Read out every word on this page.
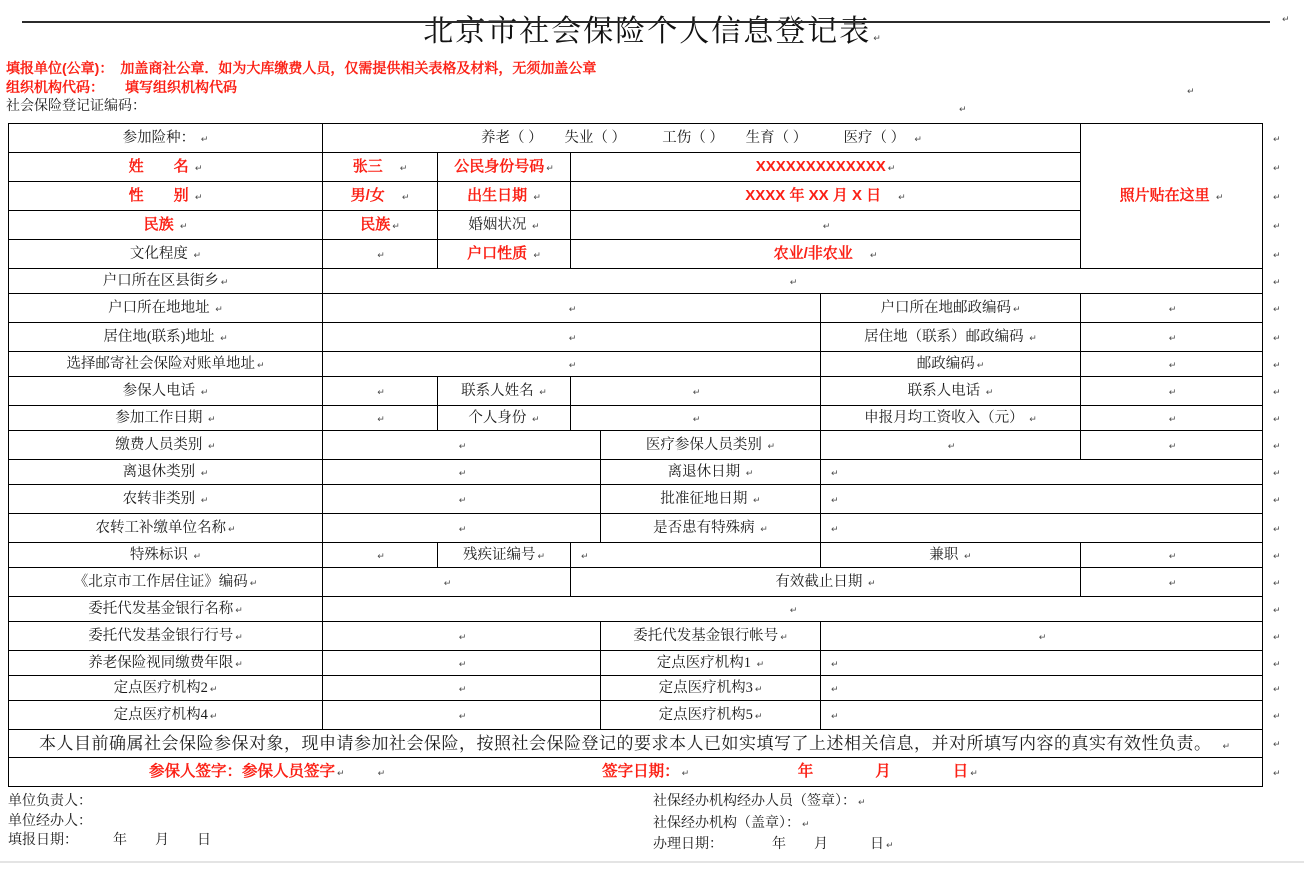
↵
北京市社会保险个人信息登记表 ↵

填报单位(公章)：　 加盖商社公章．如为大库缴费人员，仅需提供相关表格及材料，无须加盖公章

组织机构代码：　　 填写组织机构代码	↵

社会保险登记证编码：	↵

参加险种： ↵	养老（ ）　　失业（ ）　　　工伤（ ）　　生育（ ）　　　医疗（ ）　↵					照片贴在这里 ↵	↵
姓　　名 ↵	张三　↵	公民身份号码 ↵	XXXXXXXXXXXXX ↵				↵
性　　别 ↵	男/女　↵	出生日期 ↵	XXXX 年 XX 月 X 日　↵				↵
民族 ↵	民族 ↵	婚姻状况 ↵	↵				↵
文化程度 ↵	↵	户口性质 ↵	农业/非农业　↵				↵
户口所在区县街乡 ↵	↵						↵
户口所在地地址 ↵	↵				户口所在地邮政编码 ↵	↵	↵
居住地(联系)地址 ↵	↵				居住地（联系）邮政编码 ↵	↵	↵
选择邮寄社会保险对账单地址 ↵	↵				邮政编码 ↵	↵	↵
参保人电话 ↵	↵	联系人姓名 ↵	↵		联系人电话 ↵	↵	↵
参加工作日期 ↵	↵	个人身份 ↵	↵		申报月均工资收入（元） ↵	↵	↵
缴费人员类别 ↵	↵			医疗参保人员类别 ↵	↵	↵	↵
离退休类别 ↵	↵			离退休日期 ↵	↵		↵
农转非类别 ↵	↵			批准征地日期 ↵	↵		↵
农转工补缴单位名称 ↵	↵			是否患有特殊病 ↵	↵		↵
特殊标识 ↵	↵	残疾证编号 ↵	↵		兼职 ↵	↵	↵
《北京市工作居住证》编码 ↵	↵		有效截止日期 ↵			↵	↵
委托代发基金银行名称 ↵	↵						↵
委托代发基金银行行号 ↵	↵			委托代发基金银行帐号 ↵	↵		↵
养老保险视同缴费年限 ↵	↵			定点医疗机构1 ↵	↵		↵
定点医疗机构2 ↵	↵			定点医疗机构3 ↵	↵		↵
定点医疗机构4 ↵	↵			定点医疗机构5 ↵	↵		↵
本人目前确属社会保险参保对象，现申请参加社会保险，按照社会保险登记的要求本人已如实填写了上述相关信息，并对所填写内容的真实有效性负责。　↵							↵
参保人签字：参保人员签字 ↵　　 ↵　　　　　　　　　　　　　　签字日期： ↵　　　　　　　年　　　　月　　　　日 ↵							↵
单位负责人：
单位经办人：
填报日期：　　　年　　月　　日
社保经办机构经办人员（签章）： ↵
社保经办机构（盖章）： ↵
办理日期：　　　　年　　月　　　日 ↵
